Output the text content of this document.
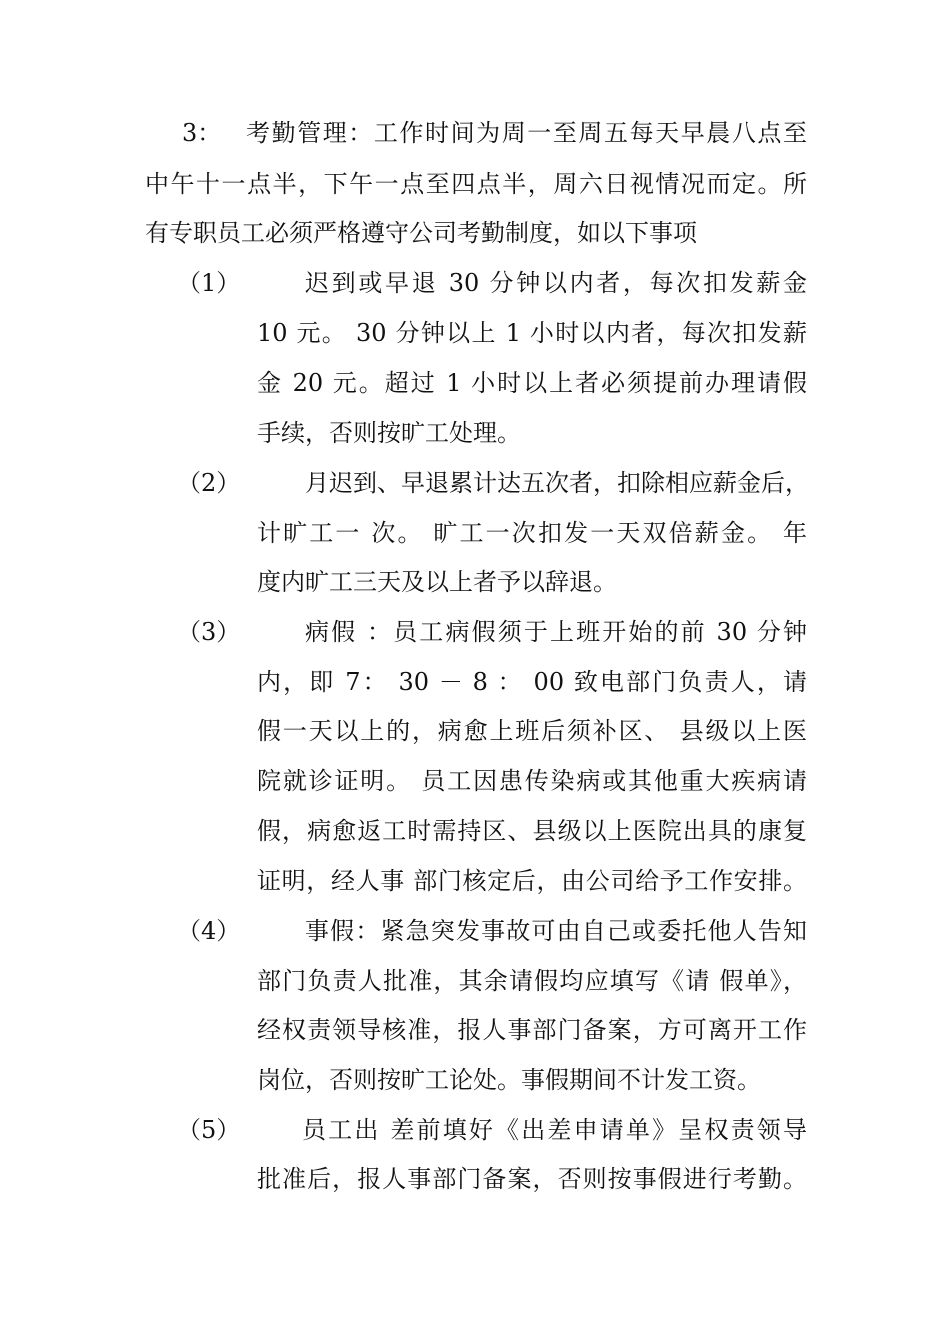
3： 考勤管理：工作时间为周一至周五每天早晨八点至
中午十一点半，下午一点至四点半，周六日视情况而定。所
有专职员工必须严格遵守公司考勤制度，如以下事项
（1）	迟到或早退 30 分钟以内者，每次扣发薪金
10 元。 30 分钟以上 1 小时以内者，每次扣发薪
金 20 元。超过 1 小时以上者必须提前办理请假
手续，否则按旷工处理。
（2）	月迟到、早退累计达五次者，扣除相应薪金后，
计旷工一 次。 旷工一次扣发一天双倍薪金。 年
度内旷工三天及以上者予以辞退。
（3）	病假 ：员工病假须于上班开始的前 30 分钟
内，即 7： 30 － 8 ： 00 致电部门负责人，请
假一天以上的，病愈上班后须补区、 县级以上医
院就诊证明。 员工因患传染病或其他重大疾病请
假，病愈返工时需持区、县级以上医院出具的康复
证明，经人事 部门核定后，由公司给予工作安排。
（4）	事假：紧急突发事故可由自己或委托他人告知
部门负责人批准，其余请假均应填写《请 假单》，
经权责领导核准，报人事部门备案，方可离开工作
岗位，否则按旷工论处。事假期间不计发工资。
（5）	员工出 差前填好《出差申请单》呈权责领导
批准后，报人事部门备案，否则按事假进行考勤。
